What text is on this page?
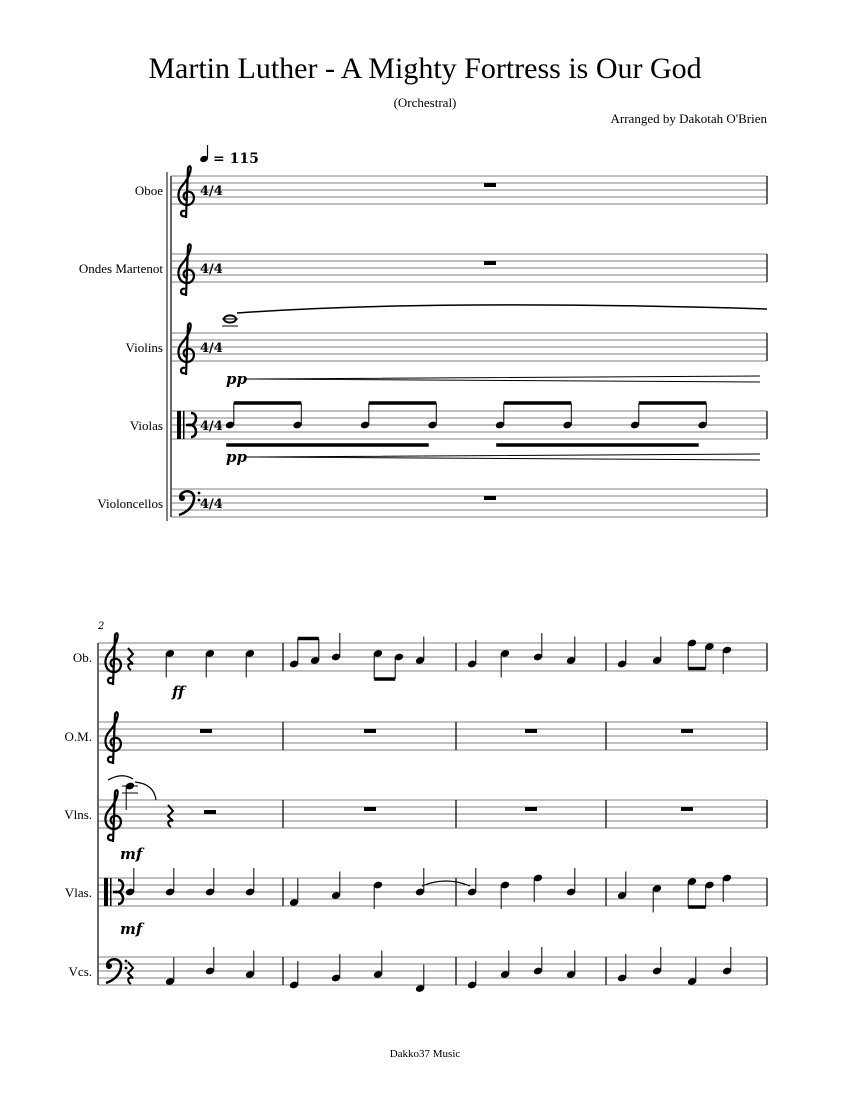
Martin Luther - A Mighty Fortress is Our God
(Orchestral)
Arranged by Dakotah O'Brien
= 115
Oboe	4/4
Ondes Martenot	4/4
Violins	4/4
pp
Violas	4/4
pp
Violoncellos	4/4
2
Ob.
ff
O.M.
Vlns.
mf
Vlas.
mf
Vcs.
Dakko37 Music
